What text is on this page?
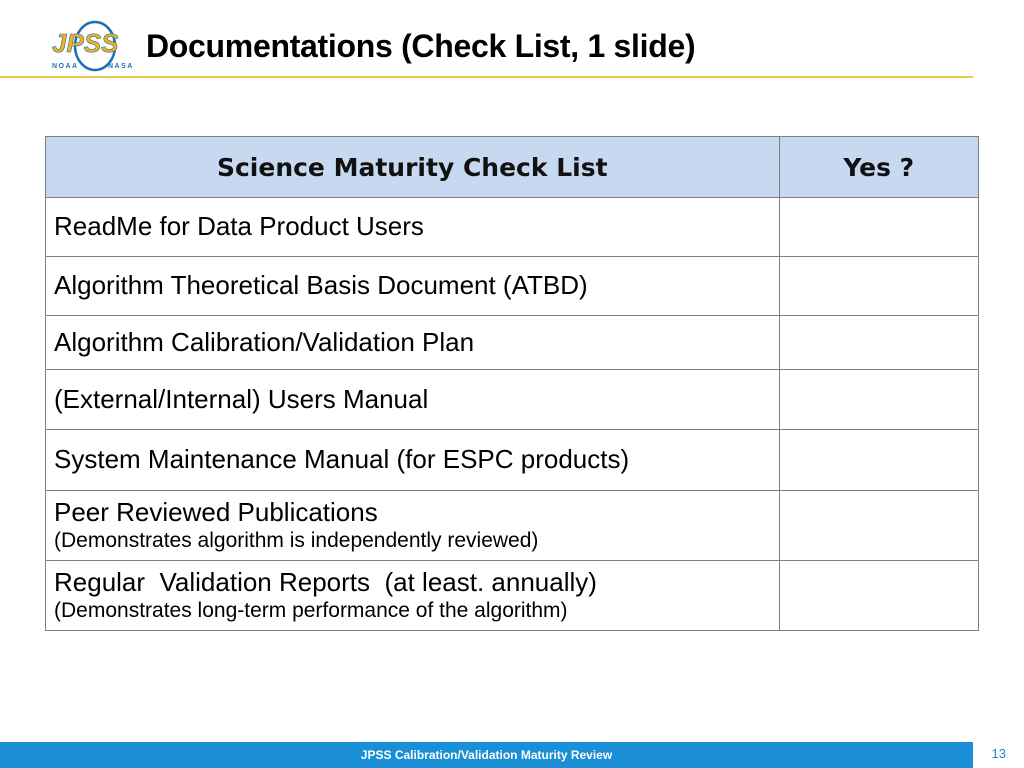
JPSS
NOAA	NASA
Documentations (Check List, 1 slide)
Science Maturity Check List	Yes ?
ReadMe for Data Product Users	
Algorithm Theoretical Basis Document (ATBD)	
Algorithm Calibration/Validation Plan	
(External/Internal) Users Manual	
System Maintenance Manual (for ESPC products)	
Peer Reviewed Publications
(Demonstrates algorithm is independently reviewed)	

Regular  Validation Reports  (at least. annually)
(Demonstrates long-term performance of the algorithm)	

JPSS Calibration/Validation Maturity Review	13
